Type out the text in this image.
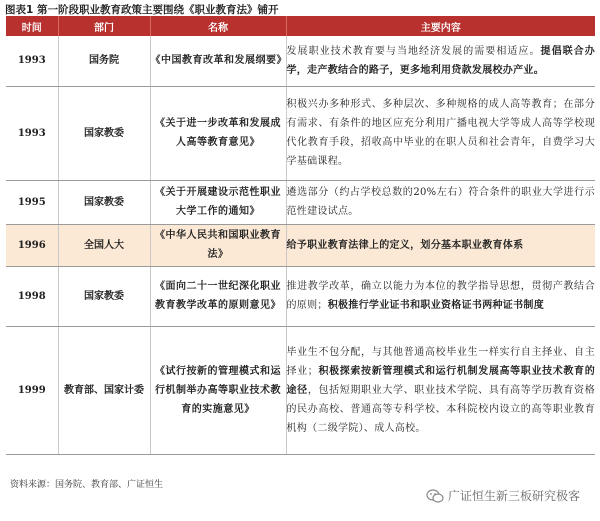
图表1 第一阶段职业教育政策主要围绕《职业教育法》铺开
时间	部门	名称	主要内容
1993	国务院	《中国教育改革和发展纲要》	发展职业技术教育要与当地经济发展的需要相适应。提倡联合办学，走产教结合的路子，更多地利用贷款发展校办产业。
1993	国家教委	《关于进一步改革和发展成人高等教育意见》	积极兴办多种形式、多种层次、多种规格的成人高等教育；在部分有需求、有条件的地区应充分利用广播电视大学等成人高等学校现代化教育手段，招收高中毕业的在职人员和社会青年，自费学习大学基础课程。
1995	国家教委	《关于开展建设示范性职业大学工作的通知》	遴选部分（约占学校总数的20%左右）符合条件的职业大学进行示范性建设试点。
1996	全国人大	《中华人民共和国职业教育法》	给予职业教育法律上的定义，划分基本职业教育体系
1998	国家教委	《面向二十一世纪深化职业教育教学改革的原则意见》	推进教学改革，确立以能力为本位的教学指导思想，贯彻产教结合的原则；积极推行学业证书和职业资格证书两种证书制度
1999	教育部、国家计委	《试行按新的管理模式和运行机制举办高等职业技术教育的实施意见》	毕业生不包分配，与其他普通高校毕业生一样实行自主择业、自主择业；积极探索按新管理模式和运行机制发展高等职业技术教育的途径，包括短期职业大学、职业技术学院、具有高等学历教育资格的民办高校、普通高等专科学校、本科院校内设立的高等职业教育机构（二级学院）、成人高校。
资料来源：国务院、教育部、广证恒生
广证恒生新三板研究极客
